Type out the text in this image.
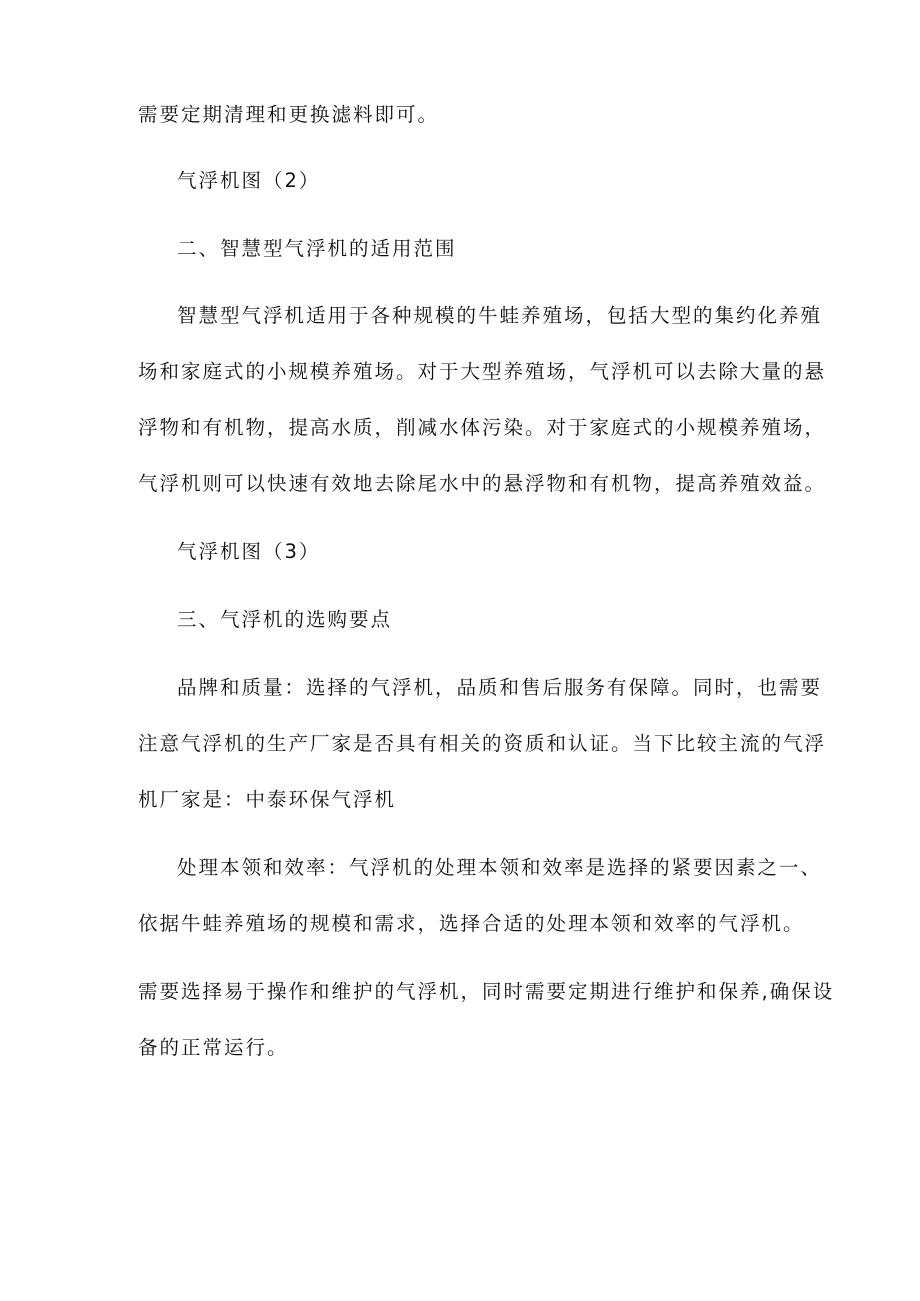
需要定期清理和更换滤料即可。
气浮机图（2）
二、智慧型气浮机的适用范围
智慧型气浮机适用于各种规模的牛蛙养殖场，包括大型的集约化养殖
场和家庭式的小规模养殖场。对于大型养殖场，气浮机可以去除大量的悬
浮物和有机物，提高水质，削减水体污染。对于家庭式的小规模养殖场，
气浮机则可以快速有效地去除尾水中的悬浮物和有机物，提高养殖效益。
气浮机图（3）
三、气浮机的选购要点
品牌和质量：选择的气浮机，品质和售后服务有保障。同时，也需要
注意气浮机的生产厂家是否具有相关的资质和认证。当下比较主流的气浮
机厂家是：中泰环保气浮机
处理本领和效率：气浮机的处理本领和效率是选择的紧要因素之一、
依据牛蛙养殖场的规模和需求，选择合适的处理本领和效率的气浮机。
需要选择易于操作和维护的气浮机，同时需要定期进行维护和保养,确保设
备的正常运行。
